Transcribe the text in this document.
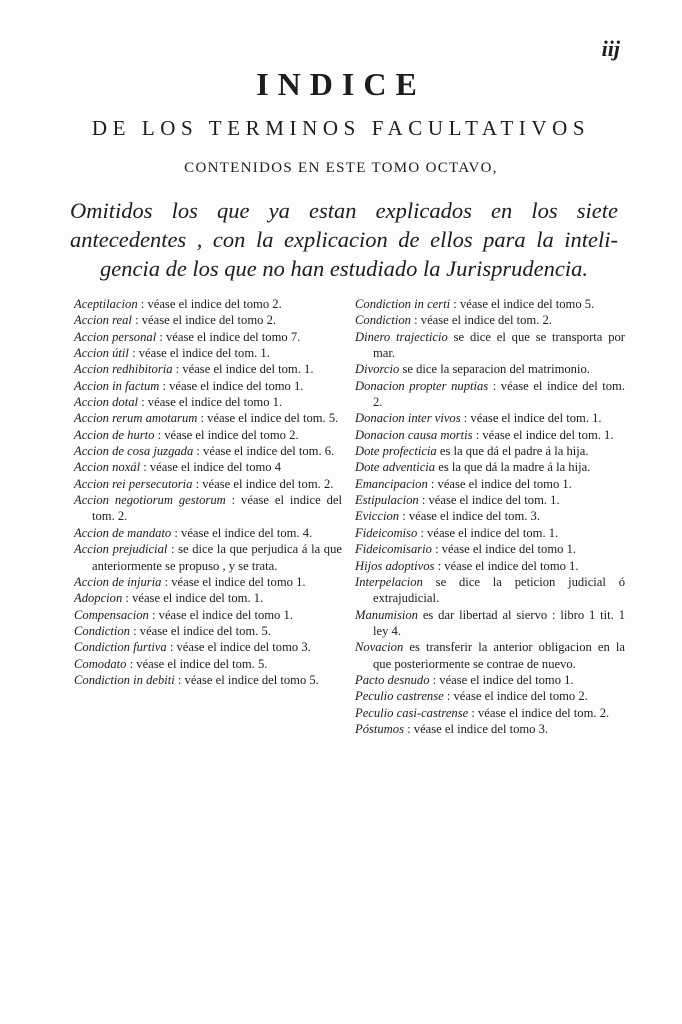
iij
INDICE
DE LOS TERMINOS FACULTATIVOS
CONTENIDOS EN ESTE TOMO OCTAVO,
Omitidos los que ya estan explicados en los siete
antecedentes , con la explicacion de ellos para la inteli-
gencia de los que no han estudiado la Jurisprudencia.

Aceptilacion : véase el indice del tomo 2.

Accion real : véase el indice del tomo 2.

Accion personal : véase el indice del tomo 7.

Accion útil : véase el indice del tom. 1.

Accion redhibitoria : véase el indice del tom. 1.

Accion in factum : véase el indice del tomo 1.

Accion dotal : véase el indice del tomo 1.

Accion rerum amotarum : véase el indice del tom. 5.

Accion de hurto : véase el indice del tomo 2.

Accion de cosa juzgada : véase el indice del tom. 6.

Accion noxál : véase el indice del tomo 4

Accion rei persecutoria : véase el indice del tom. 2.

Accion negotiorum gestorum : véase el indice del tom. 2.

Accion de mandato : véase el indice del tom. 4.

Accion prejudicial : se dice la que perjudica á la que anteriormente se propuso , y se trata.

Accion de injuria : véase el indice del tomo 1.

Adopcion : véase el indice del tom. 1.

Compensacion : véase el indice del tomo 1.

Condiction : véase el indice del tom. 5.

Condiction furtiva : véase el indice del tomo 3.

Comodato : véase el indice del tom. 5.

Condiction in debiti : véase el indice del tomo 5.

Condiction in certi : véase el indice del tomo 5.

Condiction : véase el indice del tom. 2.

Dinero trajecticio se dice el que se transporta por mar.

Divorcio se dice la separacion del matrimonio.

Donacion propter nuptias : véase el indice del tom. 2.

Donacion inter vivos : véase el indice del tom. 1.

Donacion causa mortis : véase el indice del tom. 1.

Dote profecticia es la que dá el padre á la hija.

Dote adventicia es la que dá la madre á la hija.

Emancipacion : véase el indice del tomo 1.

Estipulacion : véase el indice del tom. 1.

Eviccion : véase el indice del tom. 3.

Fideicomiso : véase el indice del tom. 1.

Fideicomisario : véase el indice del tomo 1.

Hijos adoptivos : véase el indice del tomo 1.

Interpelacion se dice la peticion judicial ó extrajudicial.

Manumision es dar libertad al siervo : libro 1 tit. 1 ley 4.

Novacion es transferir la anterior obligacion en la que posteriormente se contrae de nuevo.

Pacto desnudo : véase el indice del tomo 1.

Peculio castrense : véase el indice del tomo 2.

Peculio casi-castrense : véase el indice del tom. 2.

Póstumos : véase el indice del tomo 3.
